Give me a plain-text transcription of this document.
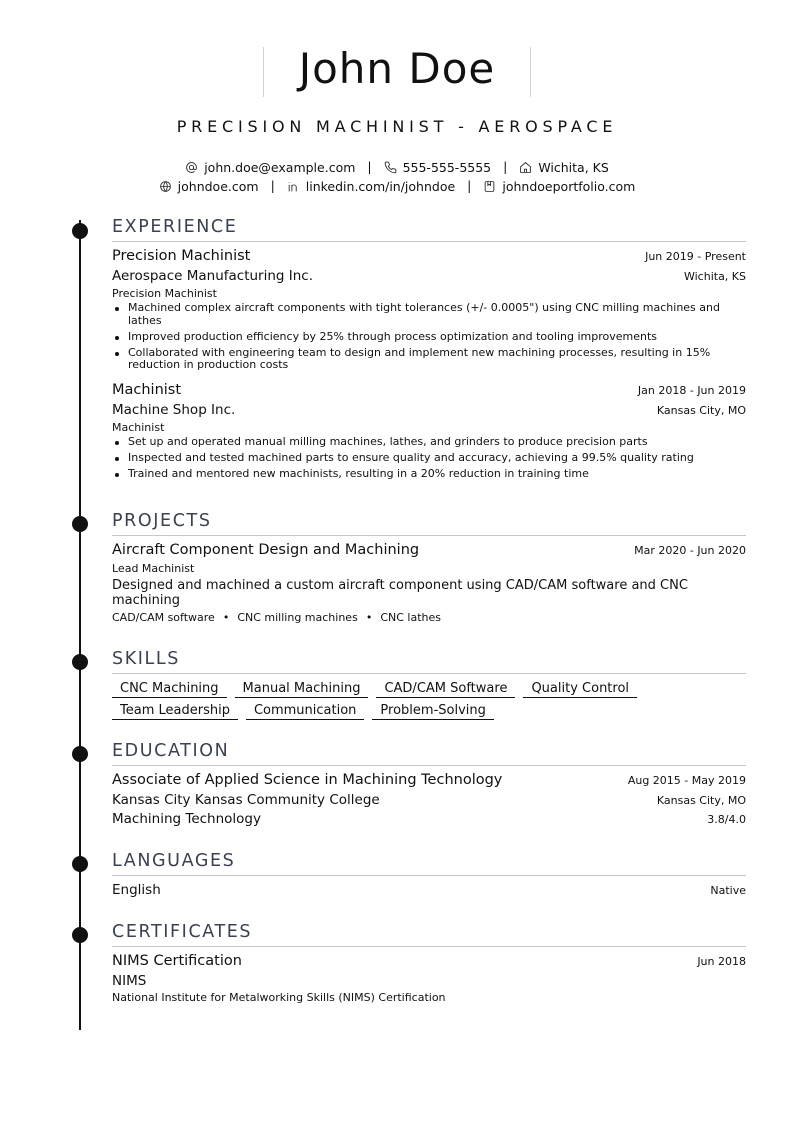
John Doe
PRECISION MACHINIST - AEROSPACE
john.doe@example.com | 555-555-5555 | Wichita, KS
johndoe.com | linkedin.com/in/johndoe | johndoeportfolio.com
EXPERIENCE
Precision Machinist	Jun 2019 - Present
Aerospace Manufacturing Inc.	Wichita, KS
Precision Machinist
Machined complex aircraft components with tight tolerances (+/- 0.0005") using CNC milling machines and lathes
Improved production efficiency by 25% through process optimization and tooling improvements
Collaborated with engineering team to design and implement new machining processes, resulting in 15% reduction in production costs
Machinist	Jan 2018 - Jun 2019
Machine Shop Inc.	Kansas City, MO
Machinist
Set up and operated manual milling machines, lathes, and grinders to produce precision parts
Inspected and tested machined parts to ensure quality and accuracy, achieving a 99.5% quality rating
Trained and mentored new machinists, resulting in a 20% reduction in training time
PROJECTS
Aircraft Component Design and Machining	Mar 2020 - Jun 2020
Lead Machinist
Designed and machined a custom aircraft component using CAD/CAM software and CNC machining
CAD/CAM software • CNC milling machines • CNC lathes
SKILLS
CNC Machining	Manual Machining	CAD/CAM Software	Quality Control
Team Leadership	Communication	Problem-Solving
EDUCATION
Associate of Applied Science in Machining Technology	Aug 2015 - May 2019
Kansas City Kansas Community College	Kansas City, MO
Machining Technology	3.8/4.0
LANGUAGES
English	Native
CERTIFICATES
NIMS Certification	Jun 2018
NIMS
National Institute for Metalworking Skills (NIMS) Certification
